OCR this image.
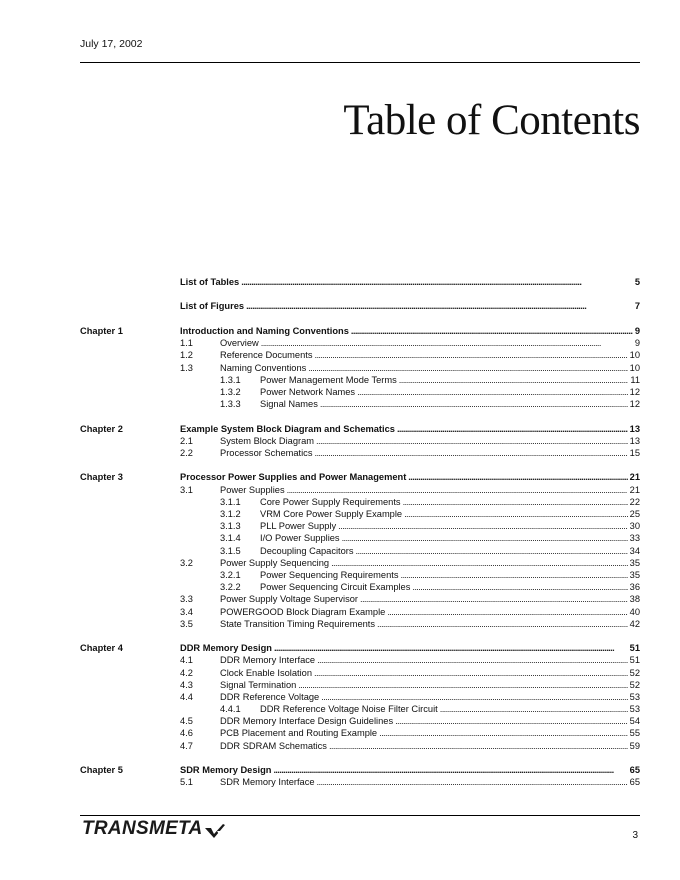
July 17, 2002
Table of Contents
List of Tables . . .	5
List of Figures . . .	7
Chapter 1	Introduction and Naming Conventions . . .	9
1.1	Overview . . .	9
1.2	Reference Documents . . .	10
1.3	Naming Conventions . . .	10
1.3.1 Power Management Mode Terms . . .	11
1.3.2 Power Network Names . . .	12
1.3.3 Signal Names . . .	12
Chapter 2	Example System Block Diagram and Schematics . . .	13
2.1	System Block Diagram . . .	13
2.2	Processor Schematics . . .	15
Chapter 3	Processor Power Supplies and Power Management . . .	21
3.1	Power Supplies . . .	21
3.1.1 Core Power Supply Requirements . . .	22
3.1.2 VRM Core Power Supply Example . . .	25
3.1.3 PLL Power Supply . . .	30
3.1.4 I/O Power Supplies . . .	33
3.1.5 Decoupling Capacitors . . .	34
3.2	Power Supply Sequencing . . .	35
3.2.1 Power Sequencing Requirements . . .	35
3.2.2 Power Sequencing Circuit Examples . . .	36
3.3	Power Supply Voltage Supervisor . . .	38
3.4	POWERGOOD Block Diagram Example . . .	40
3.5	State Transition Timing Requirements . . .	42
Chapter 4	DDR Memory Design . . .	51
4.1	DDR Memory Interface . . .	51
4.2	Clock Enable Isolation . . .	52
4.3	Signal Termination . . .	52
4.4	DDR Reference Voltage . . .	53
4.4.1 DDR Reference Voltage Noise Filter Circuit . . .	53
4.5	DDR Memory Interface Design Guidelines . . .	54
4.6	PCB Placement and Routing Example . . .	55
4.7	DDR SDRAM Schematics . . .	59
Chapter 5	SDR Memory Design . . .	65
5.1	SDR Memory Interface . . .	65
TRANSMETA	3
